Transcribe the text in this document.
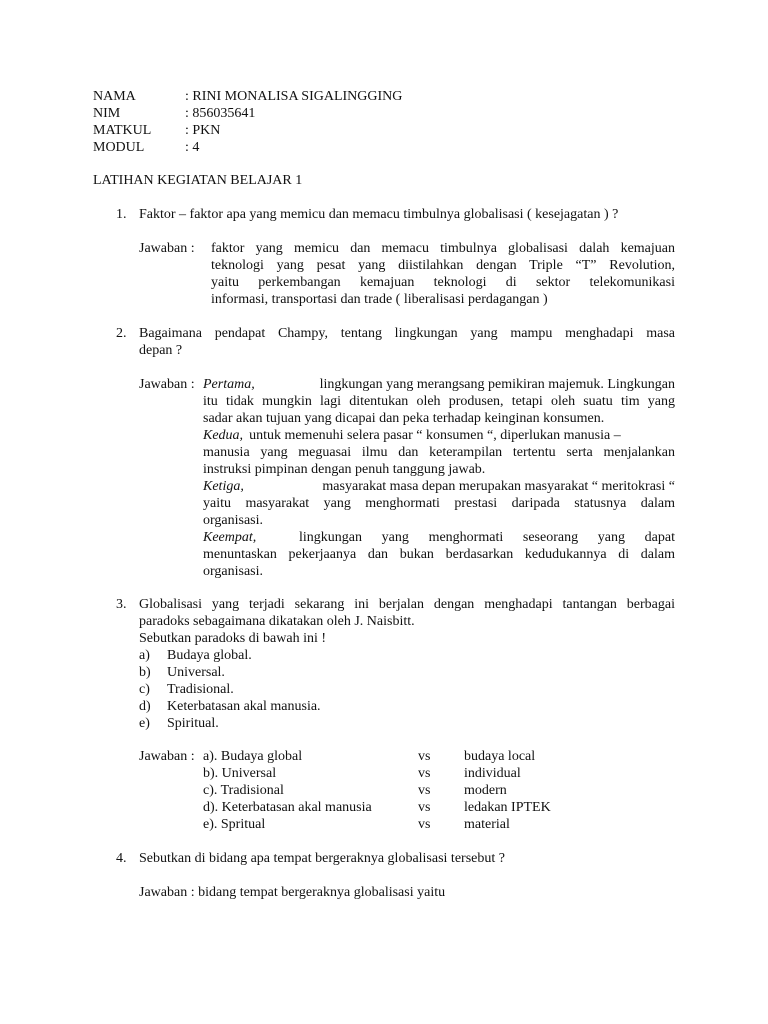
NAMA	: RINI MONALISA SIGALINGGING
NIM	: 856035641
MATKUL : PKN
MODUL	: 4
LATIHAN KEGIATAN BELAJAR 1
1. Faktor – faktor apa yang memicu dan memacu timbulnya globalisasi ( kesejagatan ) ?
Jawaban : faktor yang memicu dan memacu timbulnya globalisasi dalah kemajuan
teknologi yang pesat yang diistilahkan dengan Triple “T” Revolution,
yaitu perkembangan kemajuan teknologi di sektor telekomunikasi
informasi, transportasi dan trade ( liberalisasi perdagangan )
2. Bagaimana pendapat Champy, tentang lingkungan yang mampu menghadapi masa
depan ?
Jawaban : Pertama,	lingkungan yang merangsang pemikiran majemuk. Lingkungan
itu tidak mungkin lagi ditentukan oleh produsen, tetapi oleh suatu tim yang
sadar akan tujuan yang dicapai dan peka terhadap keinginan konsumen.
Kedua, untuk memenuhi selera pasar “ konsumen “, diperlukan manusia –
manusia yang meguasai ilmu dan keterampilan tertentu serta menjalankan
instruksi pimpinan dengan penuh tanggung jawab.
Ketiga,	masyarakat masa depan merupakan masyarakat “ meritokrasi “
yaitu masyarakat yang menghormati prestasi daripada statusnya dalam
organisasi.
Keempat,	lingkungan yang menghormati seseorang yang dapat
menuntaskan pekerjaanya dan bukan berdasarkan kedudukannya di dalam
organisasi.
3. Globalisasi yang terjadi sekarang ini berjalan dengan menghadapi tantangan berbagai
paradoks sebagaimana dikatakan oleh J. Naisbitt.
Sebutkan paradoks di bawah ini !
a) Budaya global.
b) Universal.
c) Tradisional.
d) Keterbatasan akal manusia.
e) Spiritual.
Jawaban : a). Budaya global	vs budaya local
b). Universal	vs individual
c). Tradisional	vs modern
d). Keterbatasan akal manusia	vs ledakan IPTEK
e). Spritual	vs material
4. Sebutkan di bidang apa tempat bergeraknya globalisasi tersebut ?
Jawaban : bidang tempat bergeraknya globalisasi yaitu
